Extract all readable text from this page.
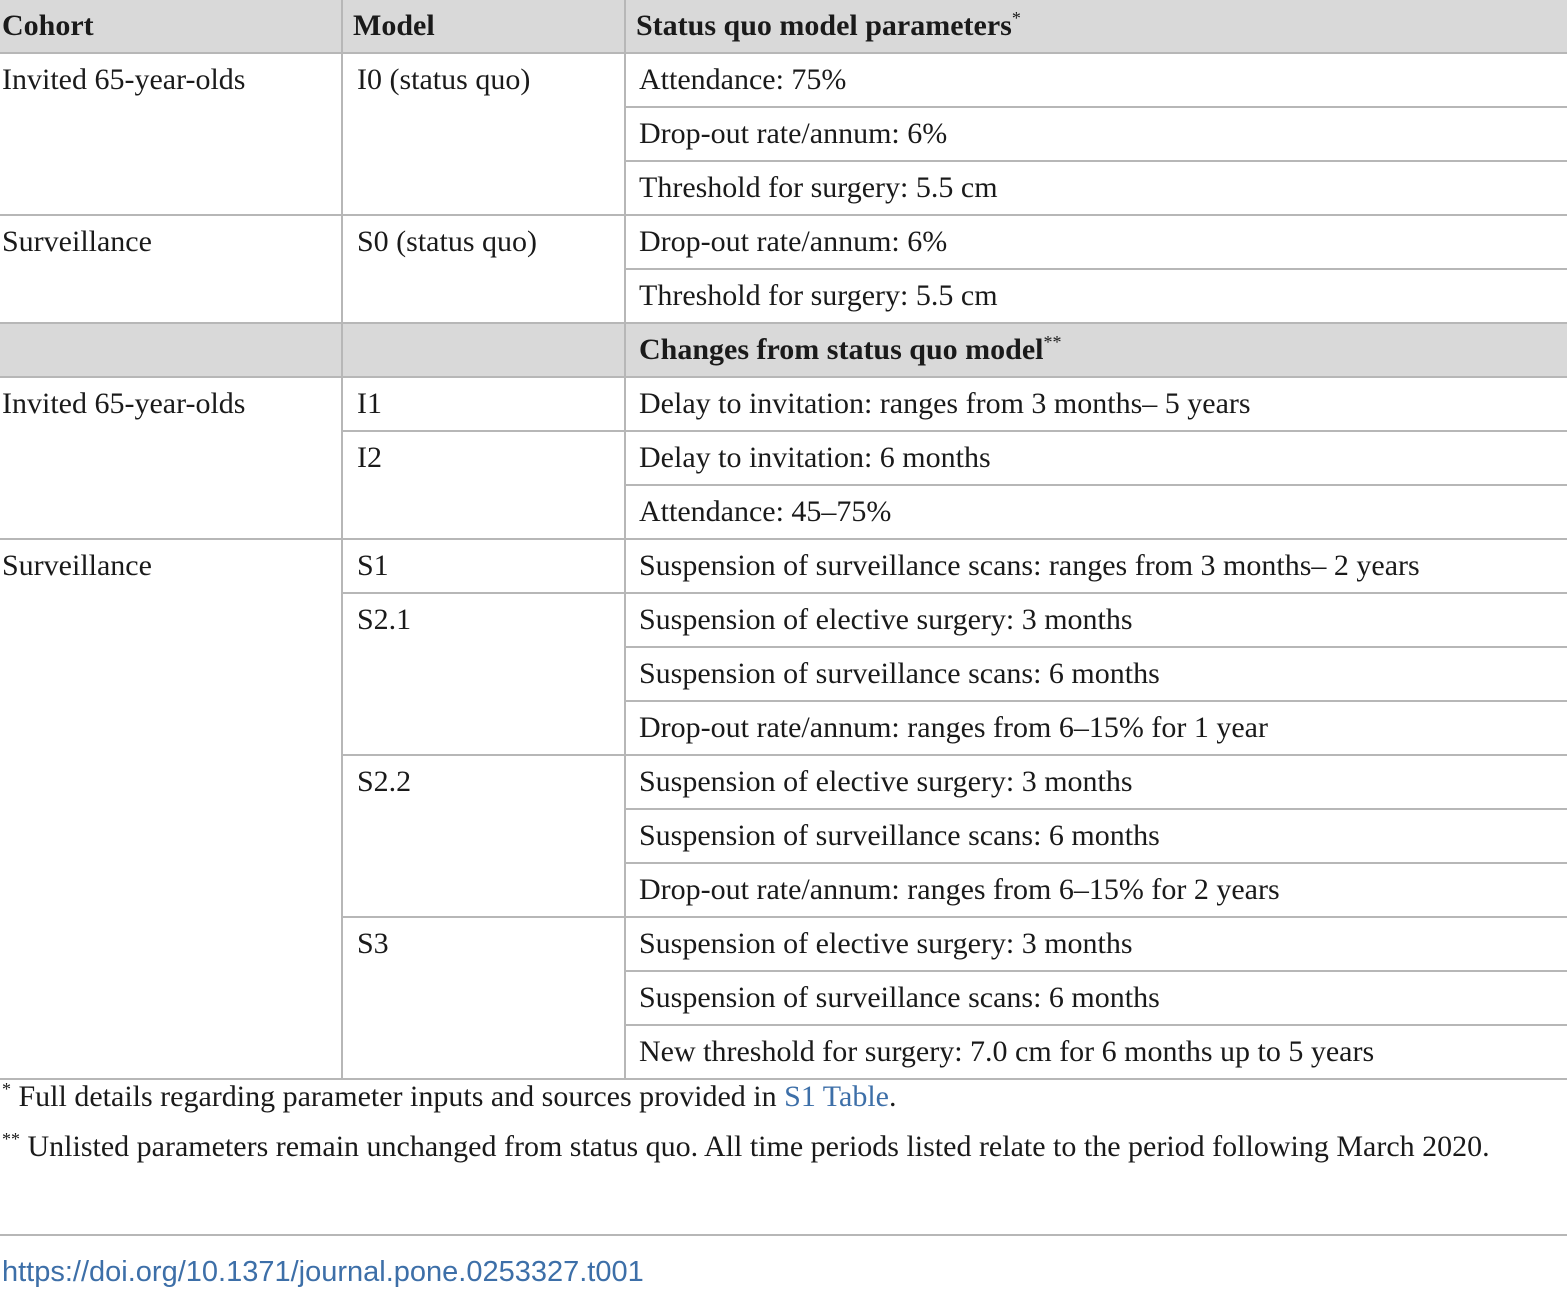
Cohort	Model	Status quo model parameters*
Invited 65-year-olds	I0 (status quo)	Attendance: 75%
		Drop-out rate/annum: 6%
		Threshold for surgery: 5.5 cm
Surveillance	S0 (status quo)	Drop-out rate/annum: 6%
		Threshold for surgery: 5.5 cm
		Changes from status quo model**
Invited 65-year-olds	I1	Delay to invitation: ranges from 3 months– 5 years
	I2	Delay to invitation: 6 months
		Attendance: 45–75%
Surveillance	S1	Suspension of surveillance scans: ranges from 3 months– 2 years
	S2.1	Suspension of elective surgery: 3 months
		Suspension of surveillance scans: 6 months
		Drop-out rate/annum: ranges from 6–15% for 1 year
	S2.2	Suspension of elective surgery: 3 months
		Suspension of surveillance scans: 6 months
		Drop-out rate/annum: ranges from 6–15% for 2 years
	S3	Suspension of elective surgery: 3 months
		Suspension of surveillance scans: 6 months
		New threshold for surgery: 7.0 cm for 6 months up to 5 years

* Full details regarding parameter inputs and sources provided in S1 Table.

** Unlisted parameters remain unchanged from status quo. All time periods listed relate to the period following March 2020.

https://doi.org/10.1371/journal.pone.0253327.t001
